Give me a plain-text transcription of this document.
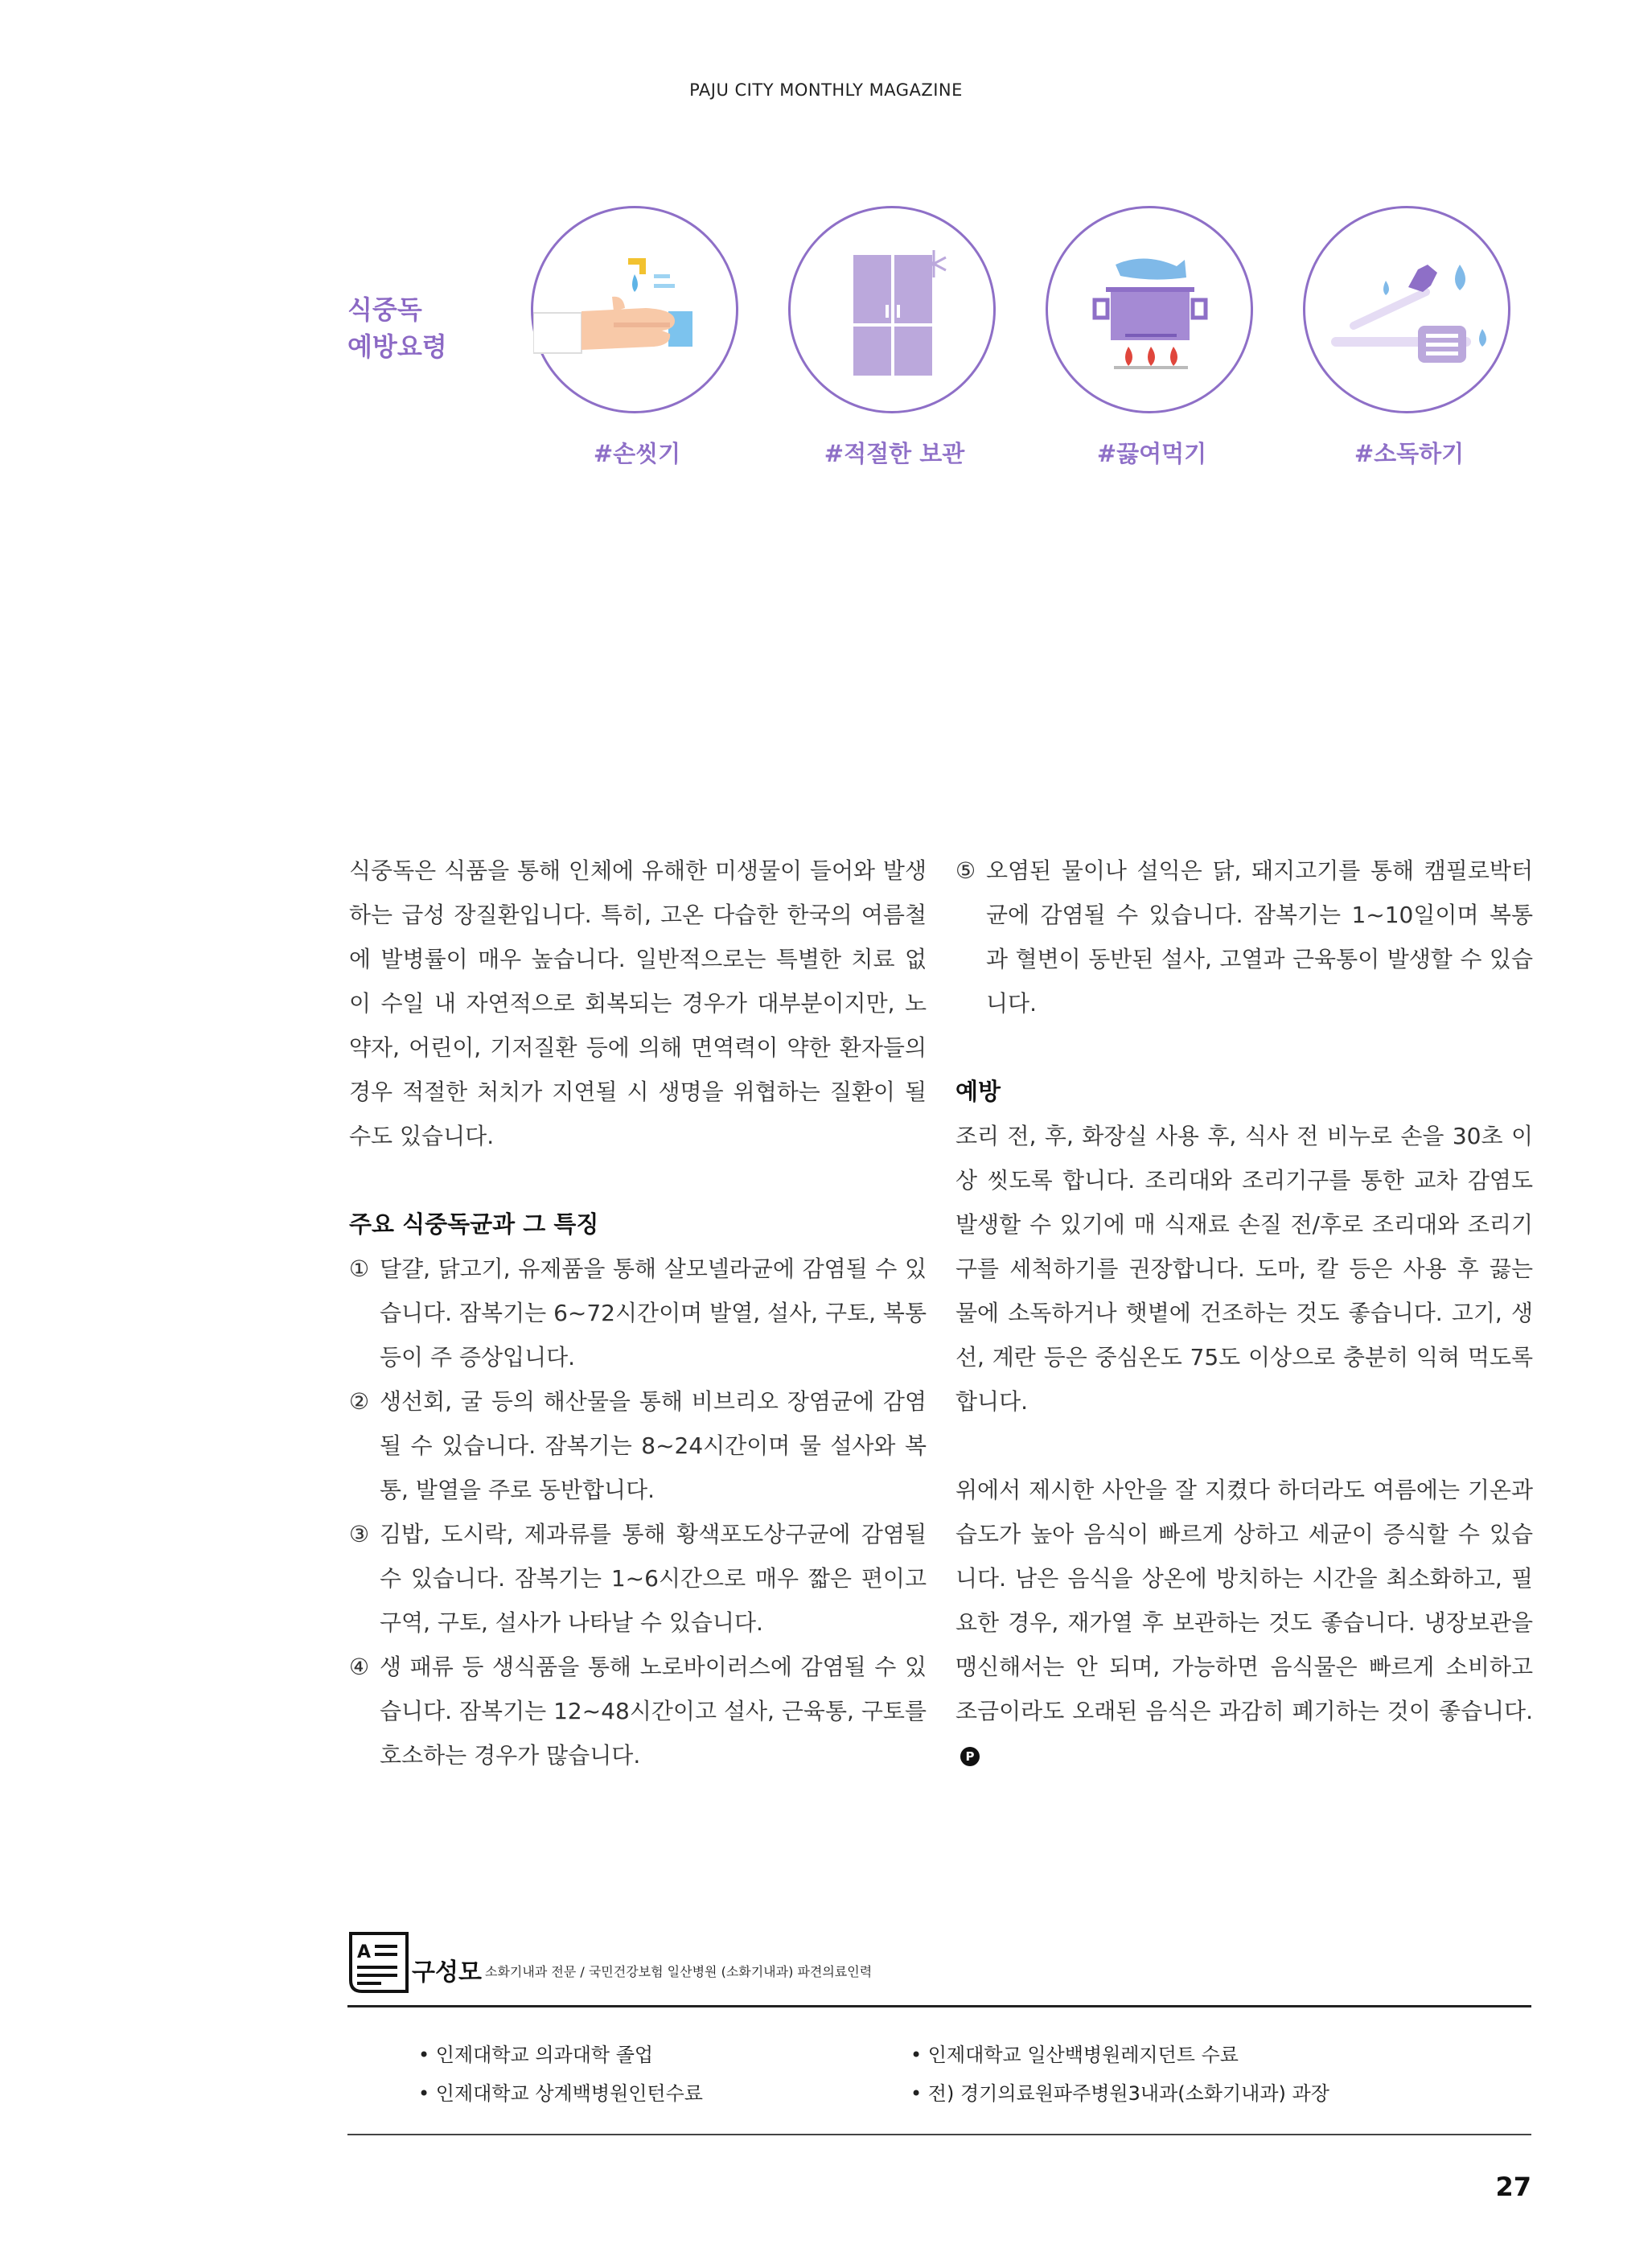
PAJU CITY MONTHLY MAGAZINE
식중독
예방요령
#손씻기	#적절한 보관	#끓여먹기	#소독하기

식중독은 식품을 통해 인체에 유해한 미생물이 들어와 발생하는 급성 장질환입니다. 특히, 고온 다습한 한국의 여름철에 발병률이 매우 높습니다. 일반적으로는 특별한 치료 없이 수일 내 자연적으로 회복되는 경우가 대부분이지만, 노약자, 어린이, 기저질환 등에 의해 면역력이 약한 환자들의 경우 적절한 처치가 지연될 시 생명을 위협하는 질환이 될 수도 있습니다.

주요 식중독균과 그 특징
① 달걀, 닭고기, 유제품을 통해 살모넬라균에 감염될 수 있습니다. 잠복기는 6~72시간이며 발열, 설사, 구토, 복통 등이 주 증상입니다.
② 생선회, 굴 등의 해산물을 통해 비브리오 장염균에 감염될 수 있습니다. 잠복기는 8~24시간이며 물 설사와 복통, 발열을 주로 동반합니다.
③ 김밥, 도시락, 제과류를 통해 황색포도상구균에 감염될 수 있습니다. 잠복기는 1~6시간으로 매우 짧은 편이고 구역, 구토, 설사가 나타날 수 있습니다.
④ 생 패류 등 생식품을 통해 노로바이러스에 감염될 수 있습니다. 잠복기는 12~48시간이고 설사, 근육통, 구토를 호소하는 경우가 많습니다.
⑤ 오염된 물이나 설익은 닭, 돼지고기를 통해 캠필로박터균에 감염될 수 있습니다. 잠복기는 1~10일이며 복통과 혈변이 동반된 설사, 고열과 근육통이 발생할 수 있습니다.
예방

조리 전, 후, 화장실 사용 후, 식사 전 비누로 손을 30초 이상 씻도록 합니다. 조리대와 조리기구를 통한 교차 감염도 발생할 수 있기에 매 식재료 손질 전/후로 조리대와 조리기구를 세척하기를 권장합니다. 도마, 칼 등은 사용 후 끓는 물에 소독하거나 햇볕에 건조하는 것도 좋습니다. 고기, 생선, 계란 등은 중심온도 75도 이상으로 충분히 익혀 먹도록 합니다.

위에서 제시한 사안을 잘 지켰다 하더라도 여름에는 기온과 습도가 높아 음식이 빠르게 상하고 세균이 증식할 수 있습니다. 남은 음식을 상온에 방치하는 시간을 최소화하고, 필요한 경우, 재가열 후 보관하는 것도 좋습니다. 냉장보관을 맹신해서는 안 되며, 가능하면 음식물은 빠르게 소비하고 조금이라도 오래된 음식은 과감히 폐기하는 것이 좋습니다.P

A
구성모 소화기내과 전문 / 국민건강보험 일산병원 (소화기내과) 파견의료인력
• 인제대학교 의과대학 졸업
• 인제대학교 상계백병원인턴수료
• 인제대학교 일산백병원레지던트 수료
• 전) 경기의료원파주병원3내과(소화기내과) 과장
27
